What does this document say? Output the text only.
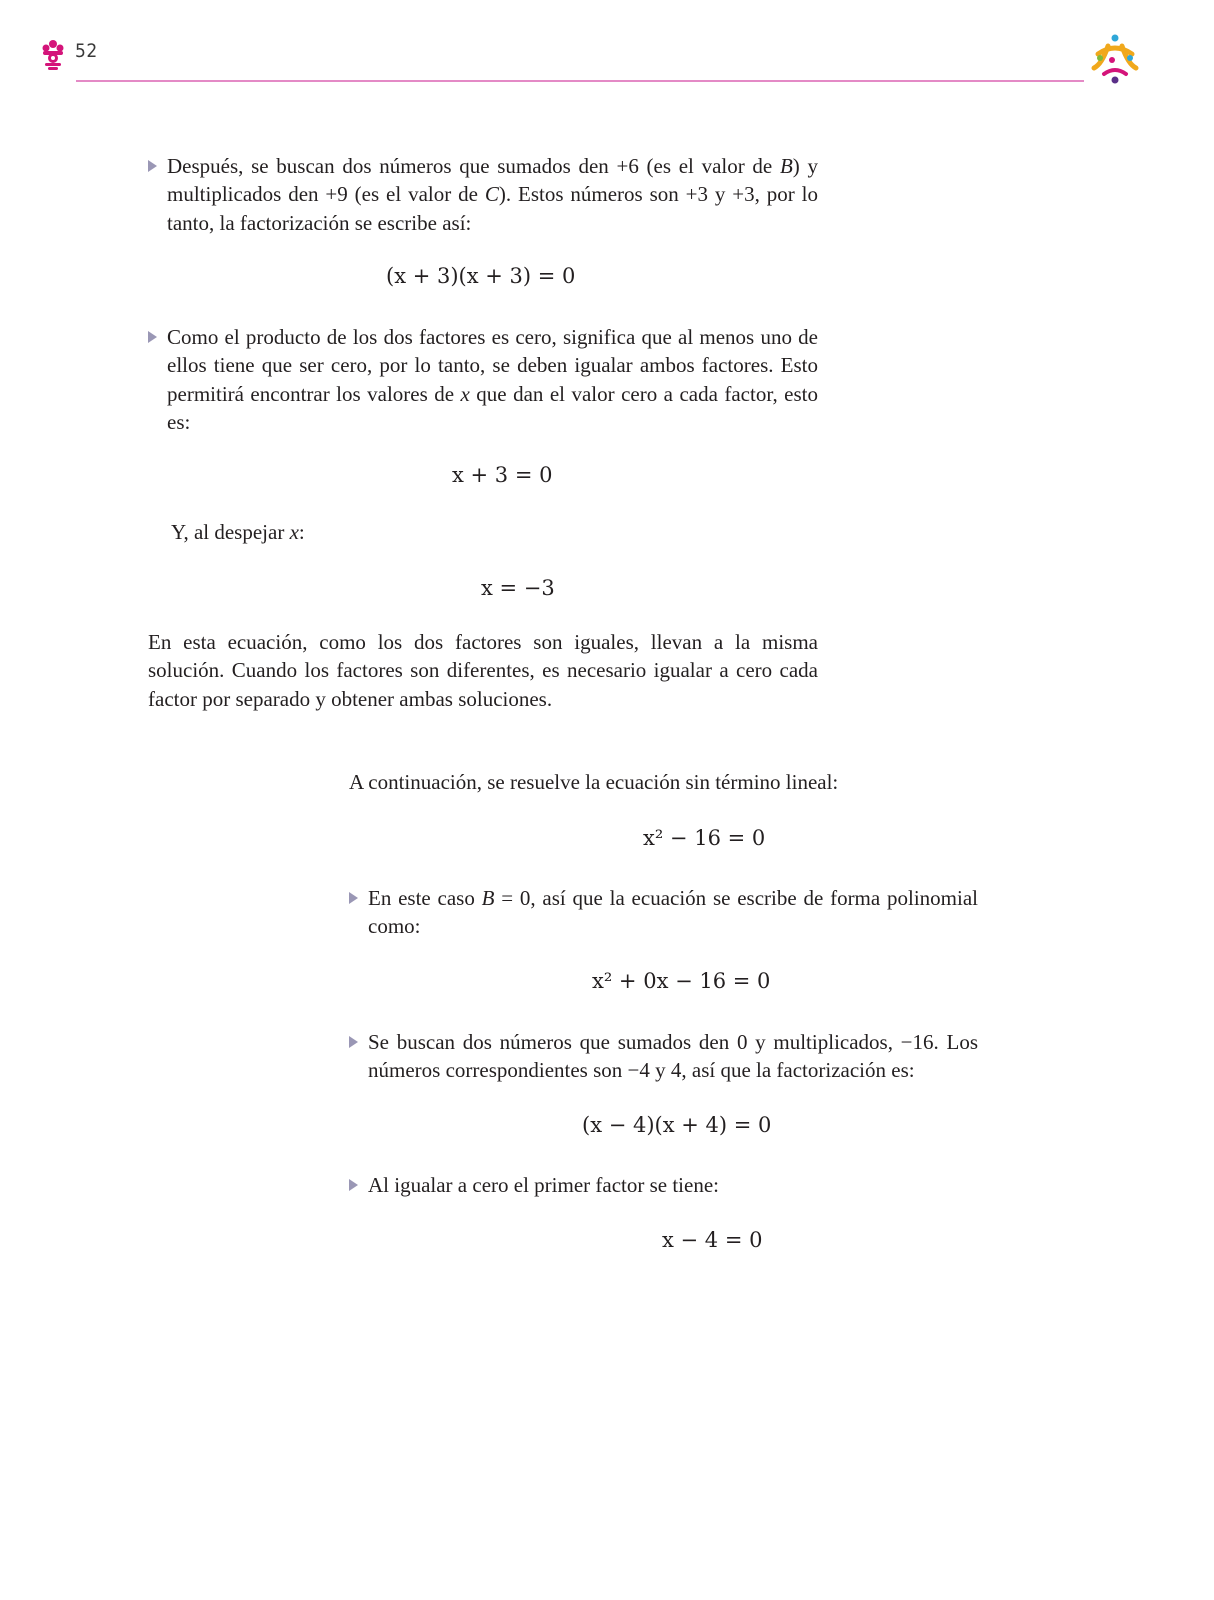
52
Después, se buscan dos números que sumados den +6 (es el valor de B) y multiplicados den +9 (es el valor de C). Estos números son +3 y +3, por lo tanto, la factorización se escribe así:
(x + 3)(x + 3) = 0
Como el producto de los dos factores es cero, significa que al menos uno de ellos tiene que ser cero, por lo tanto, se deben igualar ambos factores. Esto permitirá encontrar los valores de x que dan el valor cero a cada factor, esto es:
x + 3 = 0
Y, al despejar x:
x = −3
En esta ecuación, como los dos factores son iguales, llevan a la misma solución. Cuando los factores son diferentes, es necesario igualar a cero cada factor por separado y obtener ambas soluciones.
A continuación, se resuelve la ecuación sin término lineal:
x² − 16 = 0
En este caso B = 0, así que la ecuación se escribe de forma polinomial como:
x² + 0x − 16 = 0
Se buscan dos números que sumados den 0 y multiplicados, −16. Los números correspondientes son −4 y 4, así que la factorización es:
(x − 4)(x + 4) = 0
Al igualar a cero el primer factor se tiene:
x − 4 = 0
